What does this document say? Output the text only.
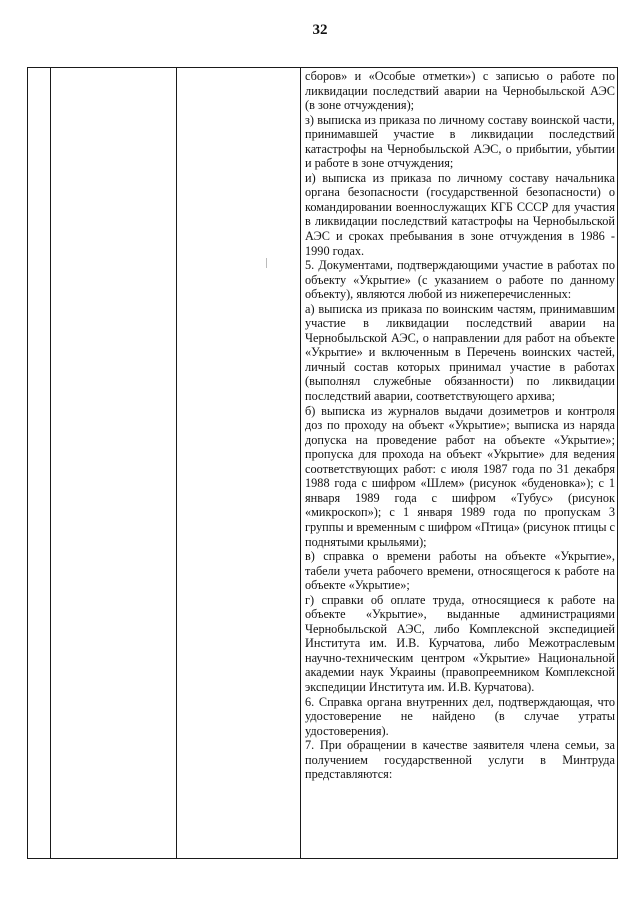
32

сборов» и «Особые отметки») с записью о работе по ликвидации последствий аварии на Чернобыльской АЭС (в зоне отчуждения);

з) выписка из приказа по личному составу воинской части, принимавшей участие в ликвидации последствий катастрофы на Чернобыльской АЭС, о прибытии, убытии и работе в зоне отчуждения;

и) выписка из приказа по личному составу начальника органа безопасности (государственной безопасности) о командировании военнослужащих КГБ СССР для участия в ликвидации последствий катастрофы на Чернобыльской АЭС и сроках пребывания в зоне отчуждения в 1986 - 1990 годах.

5. Документами, подтверждающими участие в работах по объекту «Укрытие» (с указанием о работе по данному объекту), являются любой из нижеперечисленных:

а) выписка из приказа по воинским частям, принимавшим участие в ликвидации последствий аварии на Чернобыльской АЭС, о направлении для работ на объекте «Укрытие» и включенным в Перечень воинских частей, личный состав которых принимал участие в работах (выполнял служебные обязанности) по ликвидации последствий аварии, соответствующего архива;

б) выписка из журналов выдачи дозиметров и контроля доз по проходу на объект «Укрытие»; выписка из наряда допуска на проведение работ на объекте «Укрытие»; пропуска для прохода на объект «Укрытие» для ведения соответствующих работ: с июля 1987 года по 31 декабря 1988 года с шифром «Шлем» (рисунок «буденовка»); с 1 января 1989 года с шифром «Тубус» (рисунок «микроскоп»); с 1 января 1989 года по пропускам 3 группы и временным с шифром «Птица» (рисунок птицы с поднятыми крыльями);

в) справка о времени работы на объекте «Укрытие», табели учета рабочего времени, относящегося к работе на объекте «Укрытие»;

г) справки об оплате труда, относящиеся к работе на объекте «Укрытие», выданные администрациями Чернобыльской АЭС, либо Комплексной экспедицией Института им. И.В. Курчатова, либо Межотраслевым научно-техническим центром «Укрытие» Национальной академии наук Украины (правопреемником Комплексной экспедиции Института им. И.В. Курчатова).

6. Справка органа внутренних дел, подтверждающая, что удостоверение не найдено (в случае утраты удостоверения).

7. При обращении в качестве заявителя члена семьи, за получением государственной услуги в Минтруда представляются:
